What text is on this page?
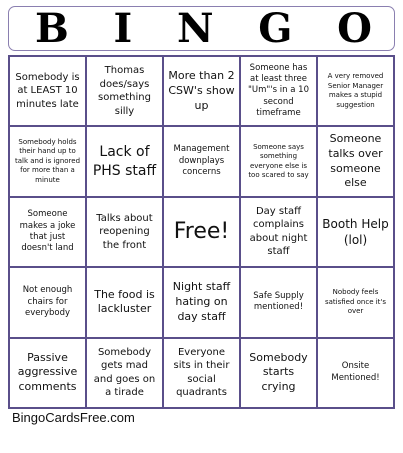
B I N G O
Somebody is at LEAST 10 minutes late
Thomas does/says something silly
More than 2 CSW's show up
Someone has at least three "Um"'s in a 10 second timeframe
A very removed Senior Manager makes a stupid suggestion
Somebody holds their hand up to talk and is ignored for more than a minute
Lack of PHS staff
Management downplays concerns
Someone says something everyone else is too scared to say
Someone talks over someone else
Someone makes a joke that just doesn't land
Talks about reopening the front
Free!
Day staff complains about night staff
Booth Help (lol)
Not enough chairs for everybody
The food is lackluster
Night staff hating on day staff
Safe Supply mentioned!
Nobody feels satisfied once it's over
Passive aggressive comments
Somebody gets mad and goes on a tirade
Everyone sits in their social quadrants
Somebody starts crying
Onsite Mentioned!
BingoCardsFree.com
